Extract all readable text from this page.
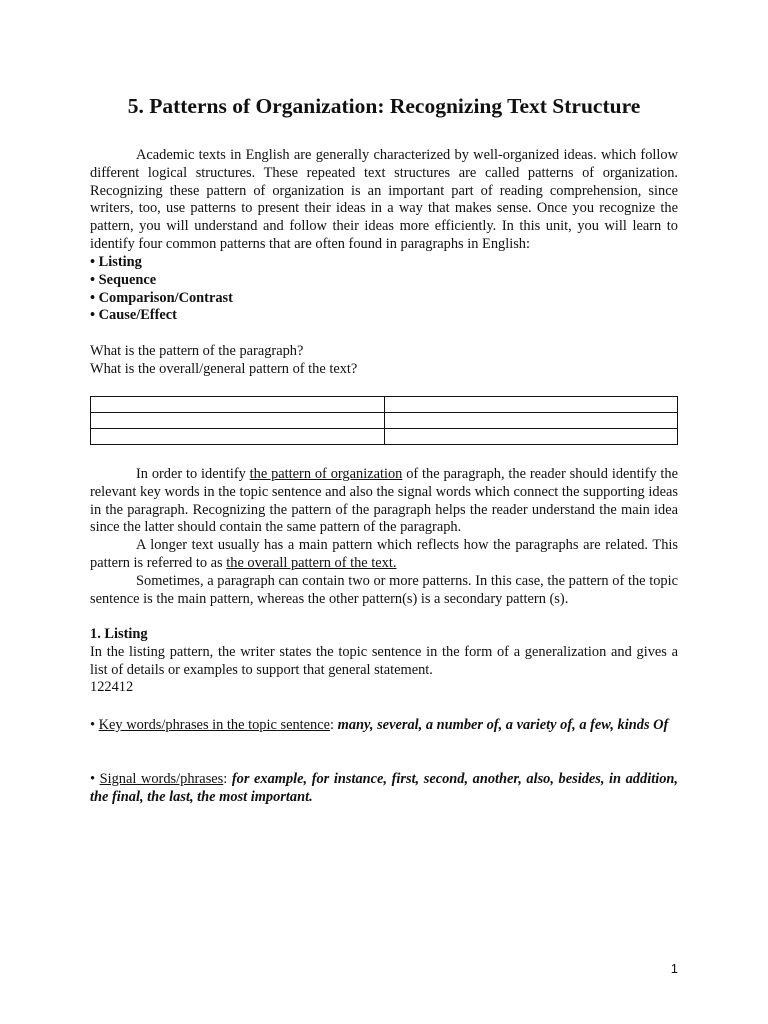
5. Patterns of Organization: Recognizing Text Structure

Academic texts in English are generally characterized by well-organized ideas. which follow different logical structures. These repeated text structures are called patterns of organization. Recognizing these pattern of organization is an important part of reading comprehension, since writers, too, use patterns to present their ideas in a way that makes sense. Once you recognize the pattern, you will understand and follow their ideas more efficiently. In this unit, you will learn to identify four common patterns that are often found in paragraphs in English:

• Listing
• Sequence
• Comparison/Contrast
• Cause/Effect

What is the pattern of the paragraph?

What is the overall/general pattern of the text?

In order to identify the pattern of organization of the paragraph, the reader should identify the relevant key words in the topic sentence and also the signal words which connect the supporting ideas in the paragraph. Recognizing the pattern of the paragraph helps the reader understand the main idea since the latter should contain the same pattern of the paragraph.

A longer text usually has a main pattern which reflects how the paragraphs are related. This pattern is referred to as the overall pattern of the text.

Sometimes, a paragraph can contain two or more patterns. In this case, the pattern of the topic sentence is the main pattern, whereas the other pattern(s) is a secondary pattern (s).

1. Listing

In the listing pattern, the writer states the topic sentence in the form of a generalization and gives a list of details or examples to support that general statement.

122412

• Key words/phrases in the topic sentence: many, several, a number of, a variety of, a few, kinds Of

• Signal words/phrases: for example, for instance, first, second, another, also, besides, in addition, the final, the last, the most important.

1
